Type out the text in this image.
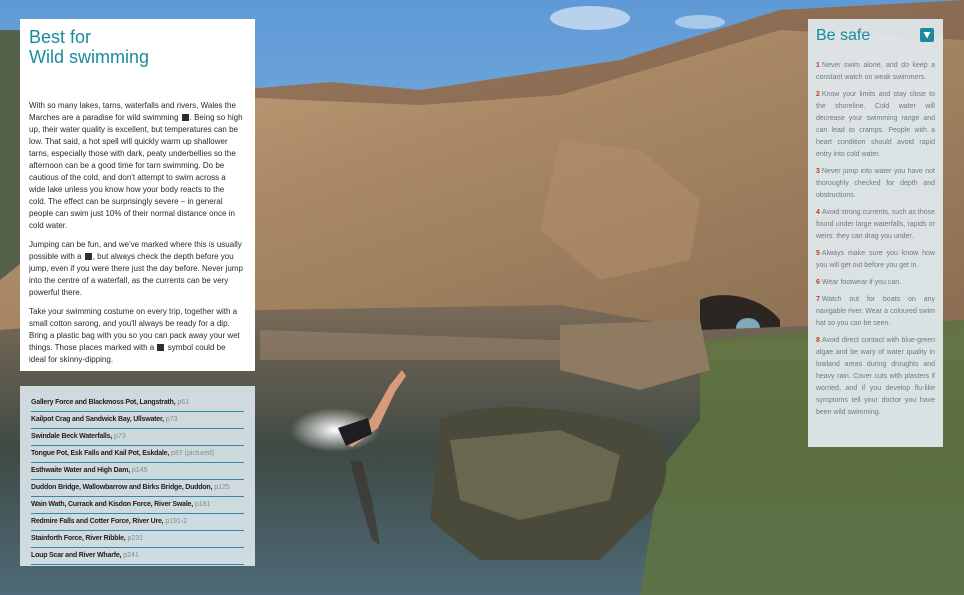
Best for
Wild swimming

With so many lakes, tarns, waterfalls and rivers, Wales the Marches are a paradise for wild swimming . Being so high up, their water quality is excellent, but temperatures can be low. That said, a hot spell will quickly warm up shallower tarns, especially those with dark, peaty underbellies so the afternoon can be a good time for tarn swimming. Do be cautious of the cold, and don't attempt to swim across a wide lake unless you know how your body reacts to the cold. The effect can be surprisingly severe – in general people can swim just 10% of their normal distance once in cold water.

Jumping can be fun, and we've marked where this is usually possible with a , but always check the depth before you jump, even if you were there just the day before. Never jump into the centre of a waterfall, as the currents can be very powerful there.

Take your swimming costume on every trip, together with a small cotton sarong, and you'll always be ready for a dip. Bring a plastic bag with you so you can pack away your wet things. Those places marked with a  symbol could be ideal for skinny-dipping.

Gallery Force and Blackmoss Pot, Langstrath, p61
Kailpot Crag and Sandwick Bay, Ullswater, p73
Swindale Beck Waterfalls, p73
Tongue Pot, Esk Falls and Kail Pot, Eskdale, p87 (pictured)
Esthwaite Water and High Dam, p145
Duddon Bridge, Wallowbarrow and Birks Bridge, Duddon, p125
Wain Wath, Currack and Kisdon Force, River Swale, p181
Redmire Falls and Cotter Force, River Ure, p191-2
Stainforth Force, River Ribble, p231
Loup Scar and River Wharfe, p241
Be safe
1 Never swim alone, and do keep a constant watch on weak swimmers.
2 Know your limits and stay close to the shoreline. Cold water will decrease your swimming range and can lead to cramps. People with a heart condition should avoid rapid entry into cold water.
3 Never jump into water you have not thoroughly checked for depth and obstructions.
4 Avoid strong currents, such as those found under large waterfalls, rapids or weirs: they can drag you under.
5 Always make sure you know how you will get out before you get in.
6 Wear footwear if you can.
7 Watch out for boats on any navigable river. Wear a coloured swim hat so you can be seen.
8 Avoid direct contact with blue-green algae and be wary of water quality in lowland areas during droughts and heavy rain. Cover cuts with plasters if worried, and if you develop flu-like symptoms tell your doctor you have been wild swimming.
